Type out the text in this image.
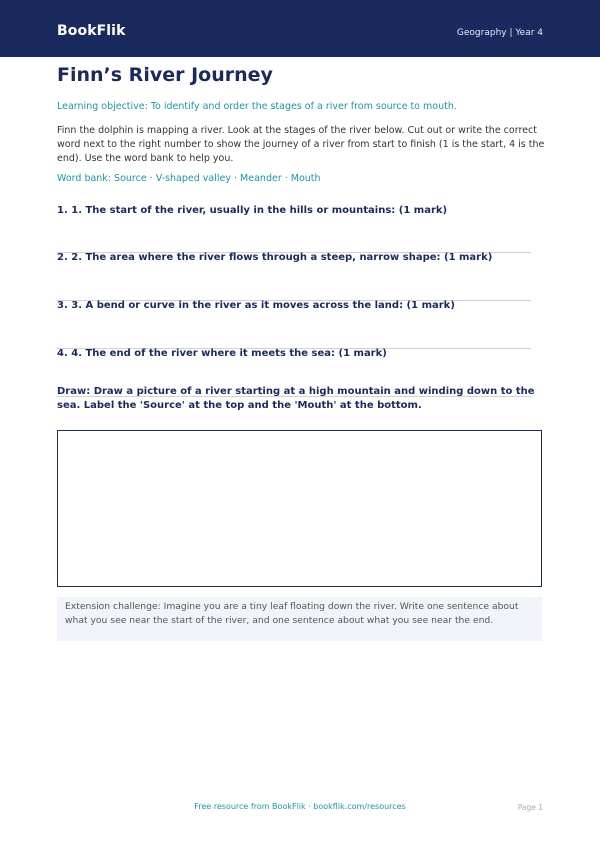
BookFlik	Geography | Year 4
Finn’s River Journey
Learning objective: To identify and order the stages of a river from source to mouth.
Finn the dolphin is mapping a river. Look at the stages of the river below. Cut out or write the correct word next to the right number to show the journey of a river from start to finish (1 is the start, 4 is the end). Use the word bank to help you.
Word bank: Source · V-shaped valley · Meander · Mouth
1. 1. The start of the river, usually in the hills or mountains: (1 mark)
2. 2. The area where the river flows through a steep, narrow shape: (1 mark)
3. 3. A bend or curve in the river as it moves across the land: (1 mark)
4. 4. The end of the river where it meets the sea: (1 mark)
Draw: Draw a picture of a river starting at a high mountain and winding down to the sea. Label the 'Source' at the top and the 'Mouth' at the bottom.
Extension challenge: Imagine you are a tiny leaf floating down the river. Write one sentence about what you see near the start of the river, and one sentence about what you see near the end.
Free resource from BookFlik · bookflik.com/resources	Page 1
